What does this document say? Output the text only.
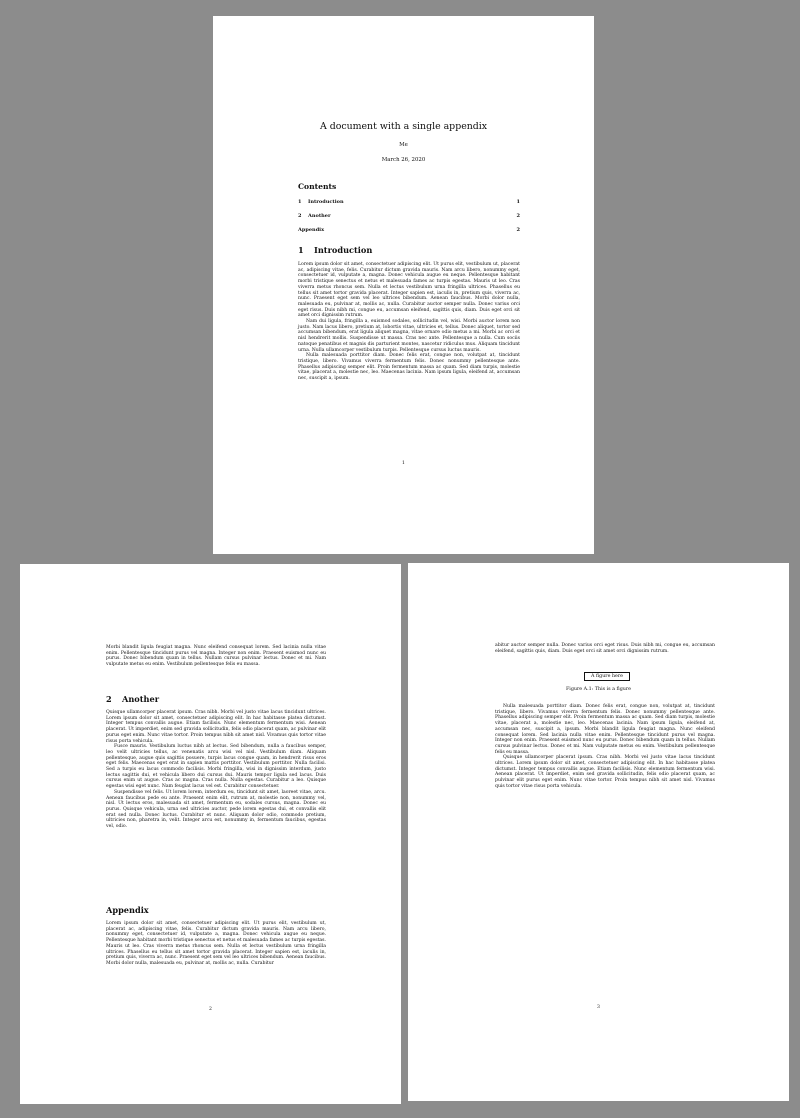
A document with a single appendix
Me
March 26, 2020
Contents
1 Introduction	1
2 Another	2
Appendix	2
1 Introduction

Lorem ipsum dolor sit amet, consectetuer adipiscing elit. Ut purus elit, vestibulum ut, placerat ac, adipiscing vitae, felis. Curabitur dictum gravida mauris. Nam arcu libero, nonummy eget, consectetuer id, vulputate a, magna. Donec vehicula augue eu neque. Pellentesque habitant morbi tristique senectus et netus et malesuada fames ac turpis egestas. Mauris ut leo. Cras viverra metus rhoncus sem. Nulla et lectus vestibulum urna fringilla ultrices. Phasellus eu tellus sit amet tortor gravida placerat. Integer sapien est, iaculis in, pretium quis, viverra ac, nunc. Praesent eget sem vel leo ultrices bibendum. Aenean faucibus. Morbi dolor nulla, malesuada eu, pulvinar at, mollis ac, nulla. Curabitur auctor semper nulla. Donec varius orci eget risus. Duis nibh mi, congue eu, accumsan eleifend, sagittis quis, diam. Duis eget orci sit amet orci dignissim rutrum.

Nam dui ligula, fringilla a, euismod sodales, sollicitudin vel, wisi. Morbi auctor lorem non justo. Nam lacus libero, pretium at, lobortis vitae, ultricies et, tellus. Donec aliquet, tortor sed accumsan bibendum, erat ligula aliquet magna, vitae ornare odio metus a mi. Morbi ac orci et nisl hendrerit mollis. Suspendisse ut massa. Cras nec ante. Pellentesque a nulla. Cum sociis natoque penatibus et magnis dis parturient montes, nascetur ridiculus mus. Aliquam tincidunt urna. Nulla ullamcorper vestibulum turpis. Pellentesque cursus luctus mauris.

Nulla malesuada porttitor diam. Donec felis erat, congue non, volutpat at, tincidunt tristique, libero. Vivamus viverra fermentum felis. Donec nonummy pellentesque ante. Phasellus adipiscing semper elit. Proin fermentum massa ac quam. Sed diam turpis, molestie vitae, placerat a, molestie nec, leo. Maecenas lacinia. Nam ipsum ligula, eleifend at, accumsan nec, suscipit a, ipsum.

1

Morbi blandit ligula feugiat magna. Nunc eleifend consequat lorem. Sed lacinia nulla vitae enim. Pellentesque tincidunt purus vel magna. Integer non enim. Praesent euismod nunc eu purus. Donec bibendum quam in tellus. Nullam cursus pulvinar lectus. Donec et mi. Nam vulputate metus eu enim. Vestibulum pellentesque felis eu massa.

2 Another

Quisque ullamcorper placerat ipsum. Cras nibh. Morbi vel justo vitae lacus tincidunt ultrices. Lorem ipsum dolor sit amet, consectetuer adipiscing elit. In hac habitasse platea dictumst. Integer tempus convallis augue. Etiam facilisis. Nunc elementum fermentum wisi. Aenean placerat. Ut imperdiet, enim sed gravida sollicitudin, felis odio placerat quam, ac pulvinar elit purus eget enim. Nunc vitae tortor. Proin tempus nibh sit amet nisl. Vivamus quis tortor vitae risus porta vehicula.

Fusce mauris. Vestibulum luctus nibh at lectus. Sed bibendum, nulla a faucibus semper, leo velit ultricies tellus, ac venenatis arcu wisi vel nisl. Vestibulum diam. Aliquam pellentesque, augue quis sagittis posuere, turpis lacus congue quam, in hendrerit risus eros eget felis. Maecenas eget erat in sapien mattis porttitor. Vestibulum porttitor. Nulla facilisi. Sed a turpis eu lacus commodo facilisis. Morbi fringilla, wisi in dignissim interdum, justo lectus sagittis dui, et vehicula libero dui cursus dui. Mauris tempor ligula sed lacus. Duis cursus enim ut augue. Cras ac magna. Cras nulla. Nulla egestas. Curabitur a leo. Quisque egestas wisi eget nunc. Nam feugiat lacus vel est. Curabitur consectetuer.

Suspendisse vel felis. Ut lorem lorem, interdum eu, tincidunt sit amet, laoreet vitae, arcu. Aenean faucibus pede eu ante. Praesent enim elit, rutrum at, molestie non, nonummy vel, nisl. Ut lectus eros, malesuada sit amet, fermentum eu, sodales cursus, magna. Donec eu purus. Quisque vehicula, urna sed ultricies auctor, pede lorem egestas dui, et convallis elit erat sed nulla. Donec luctus. Curabitur et nunc. Aliquam dolor odio, commodo pretium, ultricies non, pharetra in, velit. Integer arcu est, nonummy in, fermentum faucibus, egestas vel, odio.

Appendix

Lorem ipsum dolor sit amet, consectetuer adipiscing elit. Ut purus elit, vestibulum ut, placerat ac, adipiscing vitae, felis. Curabitur dictum gravida mauris. Nam arcu libero, nonummy eget, consectetuer id, vulputate a, magna. Donec vehicula augue eu neque. Pellentesque habitant morbi tristique senectus et netus et malesuada fames ac turpis egestas. Mauris ut leo. Cras viverra metus rhoncus sem. Nulla et lectus vestibulum urna fringilla ultrices. Phasellus eu tellus sit amet tortor gravida placerat. Integer sapien est, iaculis in, pretium quis, viverra ac, nunc. Praesent eget sem vel leo ultrices bibendum. Aenean faucibus. Morbi dolor nulla, malesuada eu, pulvinar at, mollis ac, nulla. Curabitur

2

abitur auctor semper nulla. Donec varius orci eget risus. Duis nibh mi, congue eu, accumsan eleifend, sagittis quis, diam. Duis eget orci sit amet orci dignissim rutrum.

A figure here
Figure A.1: This is a figure

Nulla malesuada porttitor diam. Donec felis erat, congue non, volutpat at, tincidunt tristique, libero. Vivamus viverra fermentum felis. Donec nonummy pellentesque ante. Phasellus adipiscing semper elit. Proin fermentum massa ac quam. Sed diam turpis, molestie vitae, placerat a, molestie nec, leo. Maecenas lacinia. Nam ipsum ligula, eleifend at, accumsan nec, suscipit a, ipsum. Morbi blandit ligula feugiat magna. Nunc eleifend consequat lorem. Sed lacinia nulla vitae enim. Pellentesque tincidunt purus vel magna. Integer non enim. Praesent euismod nunc eu purus. Donec bibendum quam in tellus. Nullam cursus pulvinar lectus. Donec et mi. Nam vulputate metus eu enim. Vestibulum pellentesque felis eu massa.

Quisque ullamcorper placerat ipsum. Cras nibh. Morbi vel justo vitae lacus tincidunt ultrices. Lorem ipsum dolor sit amet, consectetuer adipiscing elit. In hac habitasse platea dictumst. Integer tempus convallis augue. Etiam facilisis. Nunc elementum fermentum wisi. Aenean placerat. Ut imperdiet, enim sed gravida sollicitudin, felis odio placerat quam, ac pulvinar elit purus eget enim. Nunc vitae tortor. Proin tempus nibh sit amet nisl. Vivamus quis tortor vitae risus porta vehicula.

3
